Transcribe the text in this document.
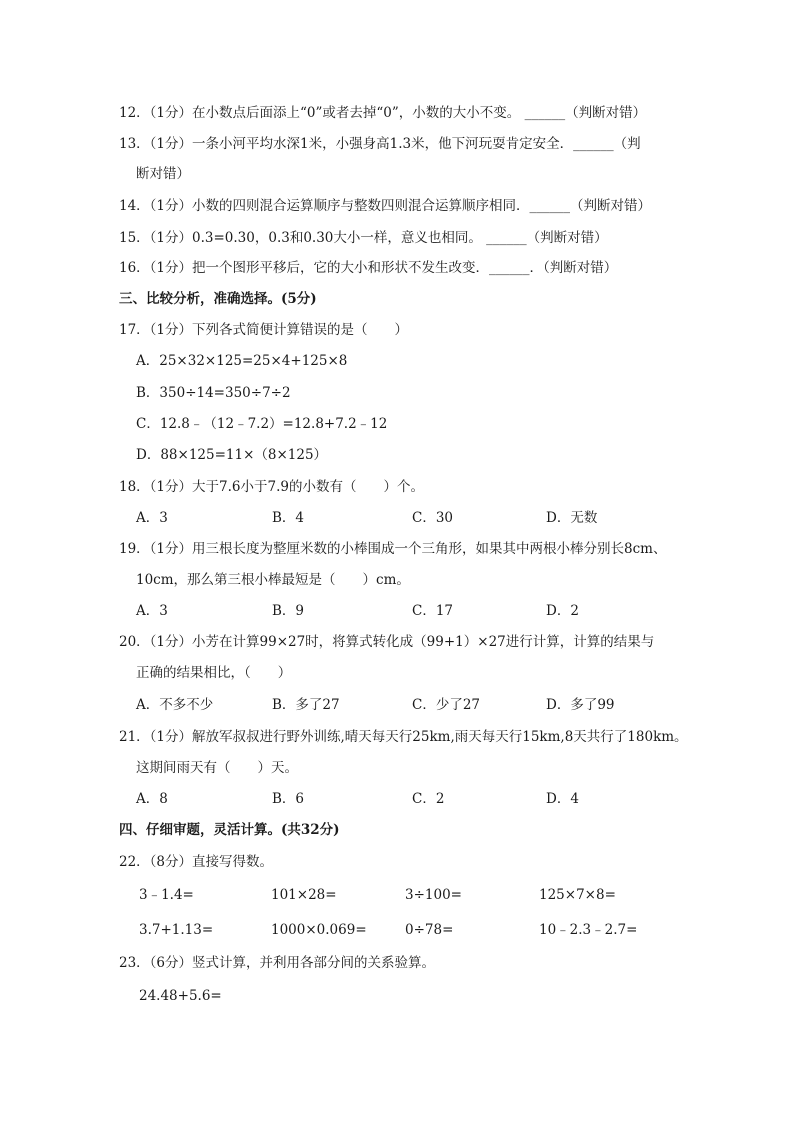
12．（1分）在小数点后面添上“0”或者去掉“0”，小数的大小不变。 ______（判断对错）
13．（1分）一条小河平均水深1米，小强身高1.3米，他下河玩耍肯定安全．______（判
断对错）
14．（1分）小数的四则混合运算顺序与整数四则混合运算顺序相同．______（判断对错）
15．（1分）0.3=0.30，0.3和0.30大小一样，意义也相同。 ______（判断对错）
16．（1分）把一个图形平移后，它的大小和形状不发生改变．______．（判断对错）
三、比较分析，准确选择。(5分)
17．（1分）下列各式简便计算错误的是（　　）
A．25×32×125=25×4+125×8
B．350÷14=350÷7÷2
C．12.8﹣（12﹣7.2）=12.8+7.2﹣12
D．88×125=11×（8×125）
18．（1分）大于7.6小于7.9的小数有（　　）个。
A．3	B．4	C．30	D．无数
19．（1分）用三根长度为整厘米数的小棒围成一个三角形，如果其中两根小棒分别长8cm、
10cm，那么第三根小棒最短是（　　）cm。
A．3	B．9	C．17	D．2
20．（1分）小芳在计算99×27时，将算式转化成（99+1）×27进行计算，计算的结果与
正确的结果相比，（　　）
A．不多不少	B．多了27	C．少了27	D．多了99
21．（1分）解放军叔叔进行野外训练,晴天每天行25km,雨天每天行15km,8天共行了180km。
这期间雨天有（　　）天。
A．8	B．6	C．2	D．4
四、仔细审题，灵活计算。(共32分)
22．（8分）直接写得数。
3﹣1.4=	101×28=	3÷100=	125×7×8=
3.7+1.13=	1000×0.069=	0÷78=	10﹣2.3﹣2.7=
23．（6分）竖式计算，并利用各部分间的关系验算。
24.48+5.6=
